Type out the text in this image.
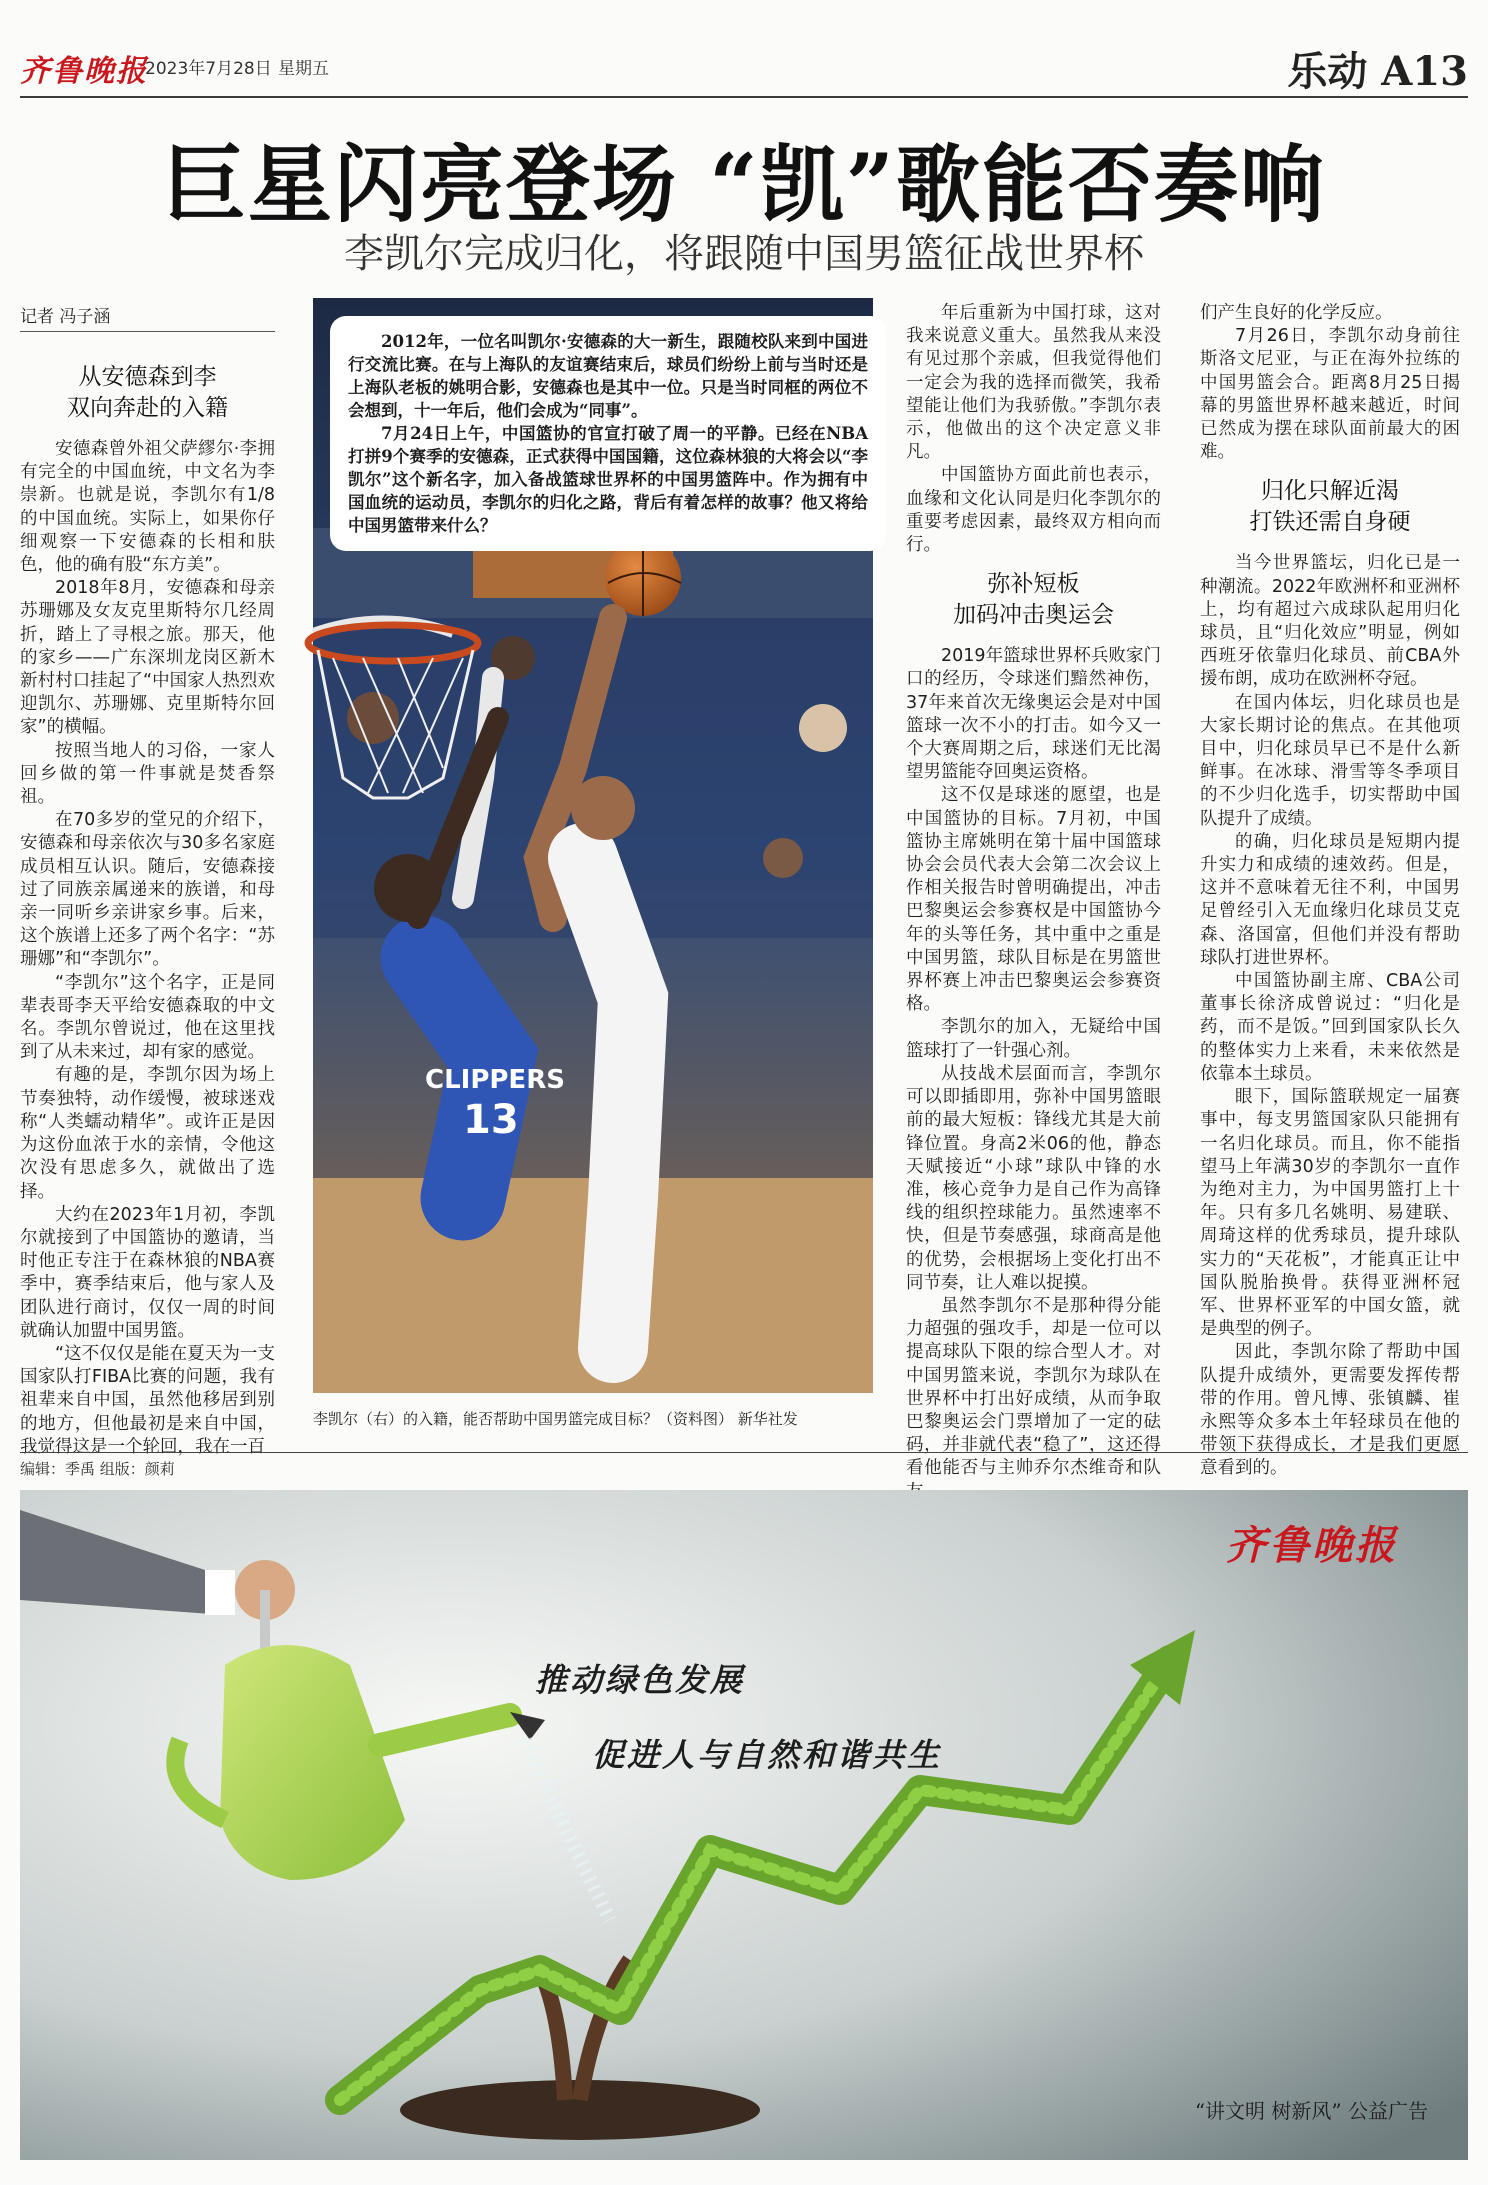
齐鲁晚报
2023年7月28日 星期五	乐动 A13
巨星闪亮登场 “凯”歌能否奏响
李凯尔完成归化，将跟随中国男篮征战世界杯
记者 冯子涵
从安德森到李
双向奔赴的入籍

安德森曾外祖父萨繆尔·李拥有完全的中国血统，中文名为李崇新。也就是说，李凯尔有1/8的中国血统。实际上，如果你仔细观察一下安德森的长相和肤色，他的确有股“东方美”。

2018年8月，安德森和母亲苏珊娜及女友克里斯特尔几经周折，踏上了寻根之旅。那天，他的家乡——广东深圳龙岗区新木新村村口挂起了“中国家人热烈欢迎凯尔、苏珊娜、克里斯特尔回家”的横幅。

按照当地人的习俗，一家人回乡做的第一件事就是焚香祭祖。

在70多岁的堂兄的介绍下，安德森和母亲依次与30多名家庭成员相互认识。随后，安德森接过了同族亲属递来的族谱，和母亲一同听乡亲讲家乡事。后来，这个族谱上还多了两个名字：“苏珊娜”和“李凯尔”。

“李凯尔”这个名字，正是同辈表哥李天平给安德森取的中文名。李凯尔曾说过，他在这里找到了从未来过，却有家的感觉。

有趣的是，李凯尔因为场上节奏独特，动作缓慢，被球迷戏称“人类蠕动精华”。或许正是因为这份血浓于水的亲情，令他这次没有思虑多久，就做出了选择。

大约在2023年1月初，李凯尔就接到了中国篮协的邀请，当时他正专注于在森林狼的NBA赛季中，赛季结束后，他与家人及团队进行商讨，仅仅一周的时间就确认加盟中国男篮。

“这不仅仅是能在夏天为一支国家队打FIBA比赛的问题，我有祖辈来自中国，虽然他移居到别的地方，但他最初是来自中国，我觉得这是一个轮回，我在一百

CLIPPERS
13

2012年，一位名叫凯尔·安德森的大一新生，跟随校队来到中国进行交流比赛。在与上海队的友谊赛结束后，球员们纷纷上前与当时还是上海队老板的姚明合影，安德森也是其中一位。只是当时同框的两位不会想到，十一年后，他们会成为“同事”。

7月24日上午，中国篮协的官宣打破了周一的平静。已经在NBA打拼9个赛季的安德森，正式获得中国国籍，这位森林狼的大将会以“李凯尔”这个新名字，加入备战篮球世界杯的中国男篮阵中。作为拥有中国血统的运动员，李凯尔的归化之路，背后有着怎样的故事？他又将给中国男篮带来什么？

李凯尔（右）的入籍，能否帮助中国男篮完成目标？（资料图） 新华社发

年后重新为中国打球，这对我来说意义重大。虽然我从来没有见过那个亲戚，但我觉得他们一定会为我的选择而微笑，我希望能让他们为我骄傲。”李凯尔表示，他做出的这个决定意义非凡。

中国篮协方面此前也表示，血缘和文化认同是归化李凯尔的重要考虑因素，最终双方相向而行。

弥补短板
加码冲击奥运会

2019年篮球世界杯兵败家门口的经历，令球迷们黯然神伤，37年来首次无缘奥运会是对中国篮球一次不小的打击。如今又一个大赛周期之后，球迷们无比渴望男篮能夺回奥运资格。

这不仅是球迷的愿望，也是中国篮协的目标。7月初，中国篮协主席姚明在第十届中国篮球协会会员代表大会第二次会议上作相关报告时曾明确提出，冲击巴黎奥运会参赛权是中国篮协今年的头等任务，其中重中之重是中国男篮，球队目标是在男篮世界杯赛上冲击巴黎奥运会参赛资格。

李凯尔的加入，无疑给中国篮球打了一针强心剂。

从技战术层面而言，李凯尔可以即插即用，弥补中国男篮眼前的最大短板：锋线尤其是大前锋位置。身高2米06的他，静态天赋接近“小球”球队中锋的水准，核心竞争力是自己作为高锋线的组织控球能力。虽然速率不快，但是节奏感强，球商高是他的优势，会根据场上变化打出不同节奏，让人难以捉摸。

虽然李凯尔不是那种得分能力超强的强攻手，却是一位可以提高球队下限的综合型人才。对中国男篮来说，李凯尔为球队在世界杯中打出好成绩，从而争取巴黎奥运会门票增加了一定的砝码，并非就代表“稳了”，这还得看他能否与主帅乔尔杰维奇和队

们产生良好的化学反应。

7月26日，李凯尔动身前往斯洛文尼亚，与正在海外拉练的中国男篮会合。距离8月25日揭幕的男篮世界杯越来越近，时间已然成为摆在球队面前最大的困难。

归化只解近渴
打铁还需自身硬

当今世界篮坛，归化已是一种潮流。2022年欧洲杯和亚洲杯上，均有超过六成球队起用归化球员，且“归化效应”明显，例如西班牙依靠归化球员、前CBA外援布朗，成功在欧洲杯夺冠。

在国内体坛，归化球员也是大家长期讨论的焦点。在其他项目中，归化球员早已不是什么新鲜事。在冰球、滑雪等冬季项目的不少归化选手，切实帮助中国队提升了成绩。

的确，归化球员是短期内提升实力和成绩的速效药。但是，这并不意味着无往不利，中国男足曾经引入无血缘归化球员艾克森、洛国富，但他们并没有帮助球队打进世界杯。

中国篮协副主席、CBA公司董事长徐济成曾说过：“归化是药，而不是饭。”回到国家队长久的整体实力上来看，未来依然是依靠本土球员。

眼下，国际篮联规定一届赛事中，每支男篮国家队只能拥有一名归化球员。而且，你不能指望马上年满30岁的李凯尔一直作为绝对主力，为中国男篮打上十年。只有多几名姚明、易建联、周琦这样的优秀球员，提升球队实力的“天花板”，才能真正让中国队脱胎换骨。获得亚洲杯冠军、世界杯亚军的中国女篮，就是典型的例子。

因此，李凯尔除了帮助中国队提升成绩外，更需要发挥传帮带的作用。曾凡博、张镇麟、崔永熙等众多本土年轻球员在他的带领下获得成长，才是我们更愿意看到的。

编辑：季禹 组版：颜莉
齐鲁晚报
推动绿色发展
促进人与自然和谐共生
“讲文明 树新风” 公益广告
